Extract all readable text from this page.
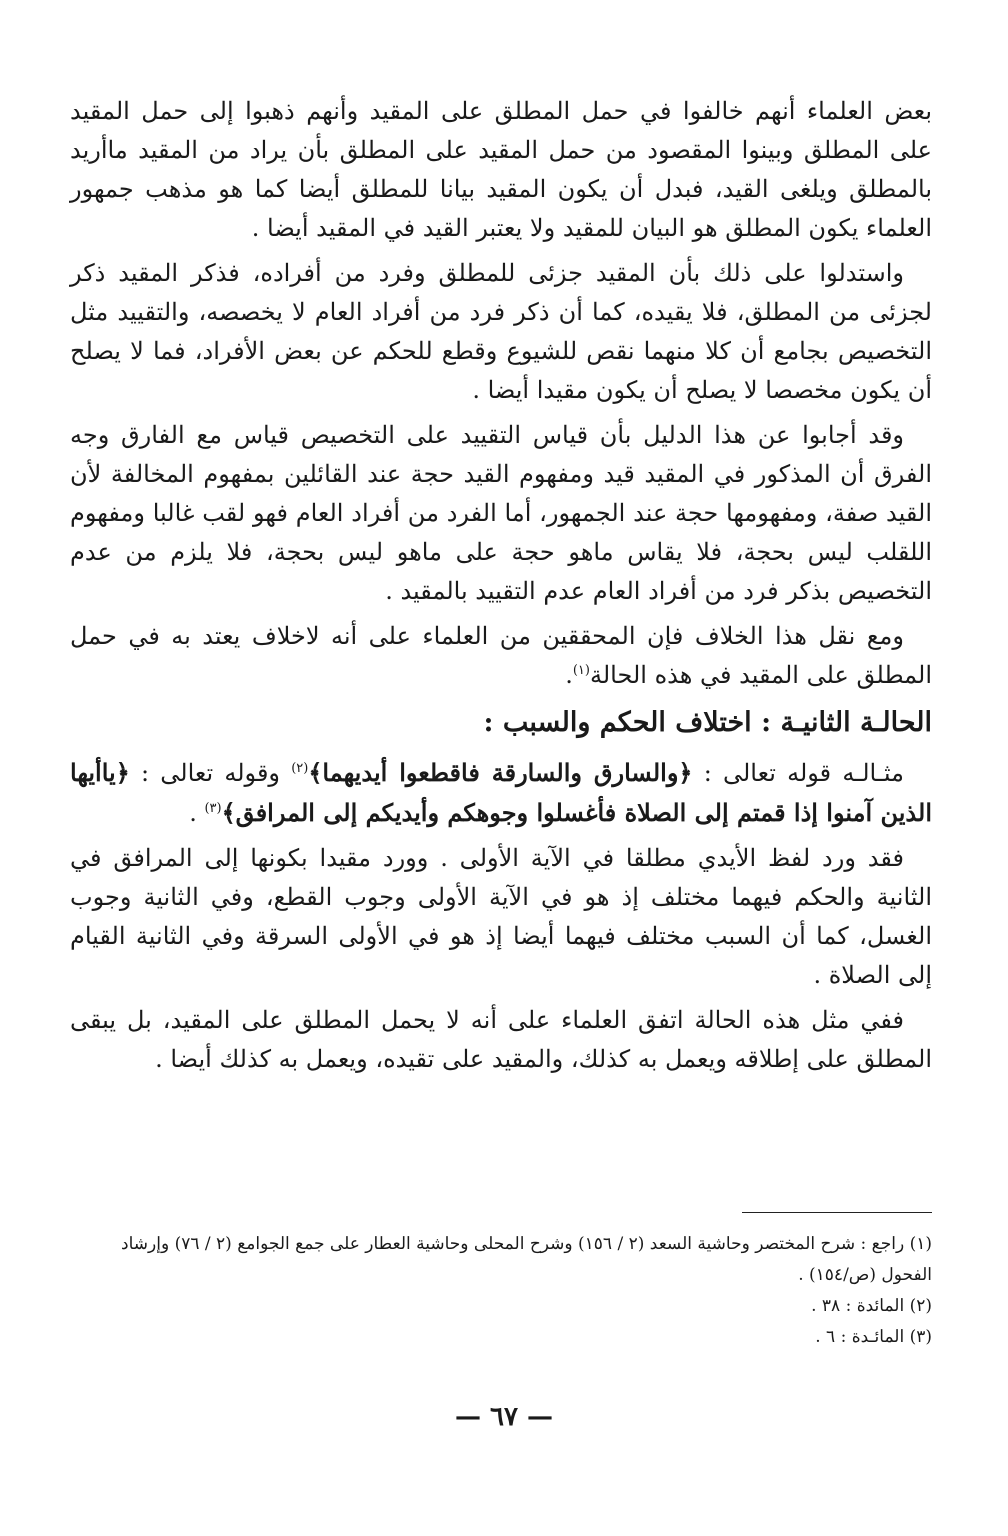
بعض العلماء أنهم خالفوا في حمل المطلق على المقيد وأنهم ذهبوا إلى حمل المقيد على المطلق وبينوا المقصود من حمل المقيد على المطلق بأن يراد من المقيد ماأريد بالمطلق ويلغى القيد، فبدل أن يكون المقيد بيانا للمطلق أيضا كما هو مذهب جمهور العلماء يكون المطلق هو البيان للمقيد ولا يعتبر القيد في المقيد أيضا .

واستدلوا على ذلك بأن المقيد جزئى للمطلق وفرد من أفراده، فذكر المقيد ذكر لجزئى من المطلق، فلا يقيده، كما أن ذكر فرد من أفراد العام لا يخصصه، والتقييد مثل التخصيص بجامع أن كلا منهما نقص للشيوع وقطع للحكم عن بعض الأفراد، فما لا يصلح أن يكون مخصصا لا يصلح أن يكون مقيدا أيضا .

وقد أجابوا عن هذا الدليل بأن قياس التقييد على التخصيص قياس مع الفارق وجه الفرق أن المذكور في المقيد قيد ومفهوم القيد حجة عند القائلين بمفهوم المخالفة لأن القيد صفة، ومفهومها حجة عند الجمهور، أما الفرد من أفراد العام فهو لقب غالبا ومفهوم اللقلب ليس بحجة، فلا يقاس ماهو حجة على ماهو ليس بحجة، فلا يلزم من عدم التخصيص بذكر فرد من أفراد العام عدم التقييد بالمقيد .

ومع نقل هذا الخلاف فإن المحققين من العلماء على أنه لاخلاف يعتد به في حمل المطلق على المقيد في هذه الحالة$^{(١)}$.

الحالـة الثانيـة : اختلاف الحكم والسبب :

مثـالـه قوله تعالى : ﴿والسارق والسارقة فاقطعوا أيديهما﴾$^{(٢)}$ وقوله تعالى : ﴿ياأيها الذين آمنوا إذا قمتم إلى الصلاة فأغسلوا وجوهكم وأيديكم إلى المرافق﴾$^{(٣)}$ .

فقد ورد لفظ الأيدي مطلقا في الآية الأولى . وورد مقيدا بكونها إلى المرافق في الثانية والحكم فيهما مختلف إذ هو في الآية الأولى وجوب القطع، وفي الثانية وجوب الغسل، كما أن السبب مختلف فيهما أيضا إذ هو في الأولى السرقة وفي الثانية القيام إلى الصلاة .

ففي مثل هذه الحالة اتفق العلماء على أنه لا يحمل المطلق على المقيد، بل يبقى المطلق على إطلاقه ويعمل به كذلك، والمقيد على تقيده، ويعمل به كذلك أيضا .

(١) راجع : شرح المختصر وحاشية السعد (٢ / ١٥٦) وشرح المحلى وحاشية العطار على جمع الجوامع (٢ / ٧٦) وإرشاد الفحول (ص/١٥٤) .

(٢) المائدة : ٣٨ .

(٣) المائـدة : ٦ .

— ٦٧ —
